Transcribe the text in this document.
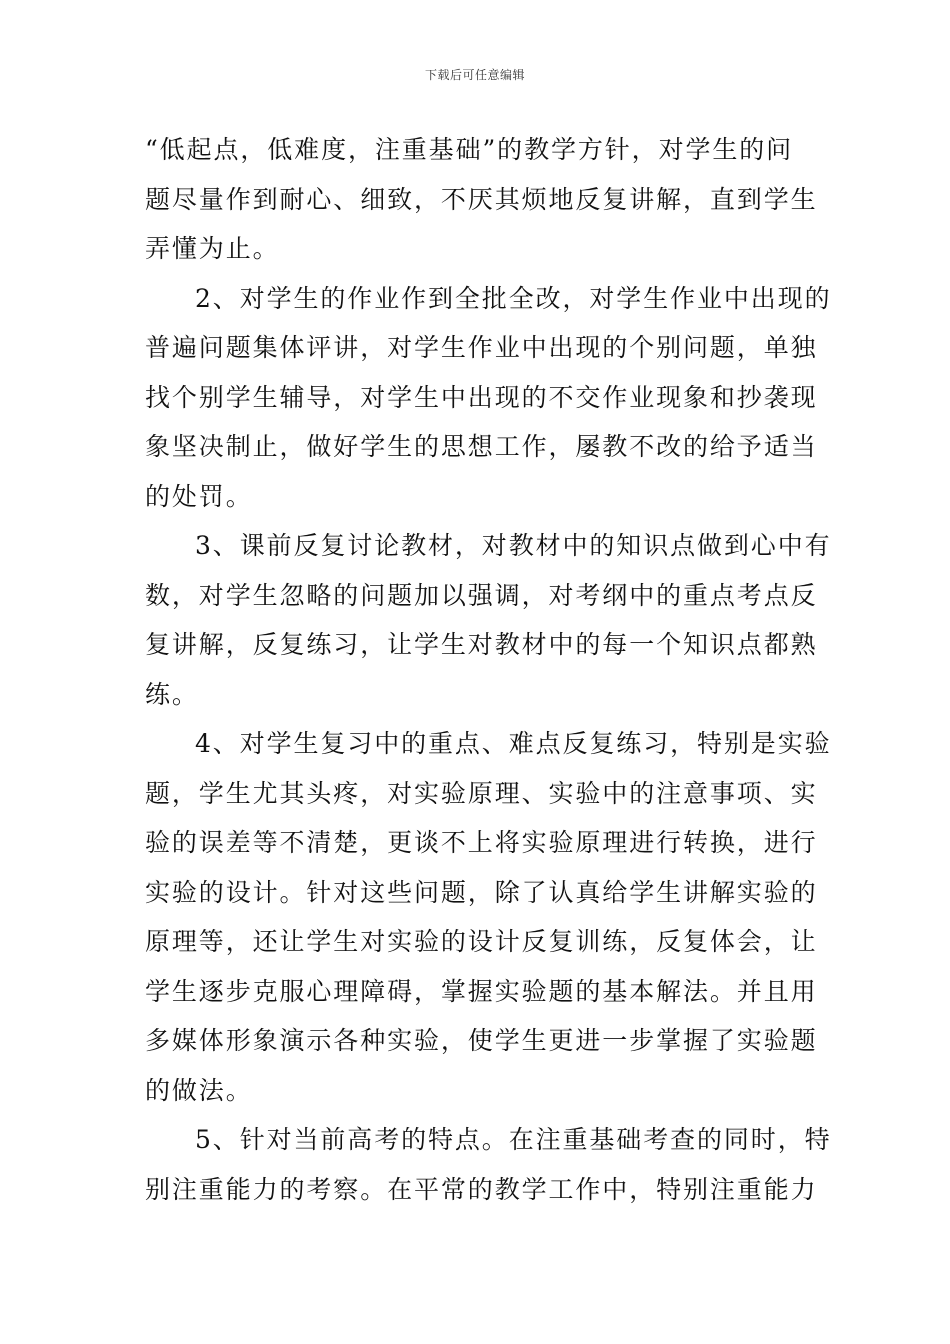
下载后可任意编辑
“低起点，低难度，注重基础”的教学方针，对学生的问
题尽量作到耐心、细致，不厌其烦地反复讲解，直到学生
弄懂为止。
2、对学生的作业作到全批全改，对学生作业中出现的
普遍问题集体评讲，对学生作业中出现的个别问题，单独
找个别学生辅导，对学生中出现的不交作业现象和抄袭现
象坚决制止，做好学生的思想工作，屡教不改的给予适当
的处罚。
3、课前反复讨论教材，对教材中的知识点做到心中有
数，对学生忽略的问题加以强调，对考纲中的重点考点反
复讲解，反复练习，让学生对教材中的每一个知识点都熟
练。
4、对学生复习中的重点、难点反复练习，特别是实验
题，学生尤其头疼，对实验原理、实验中的注意事项、实
验的误差等不清楚，更谈不上将实验原理进行转换，进行
实验的设计。针对这些问题，除了认真给学生讲解实验的
原理等，还让学生对实验的设计反复训练，反复体会，让
学生逐步克服心理障碍，掌握实验题的基本解法。并且用
多媒体形象演示各种实验，使学生更进一步掌握了实验题
的做法。
5、针对当前高考的特点。在注重基础考查的同时，特
别注重能力的考察。在平常的教学工作中，特别注重能力
